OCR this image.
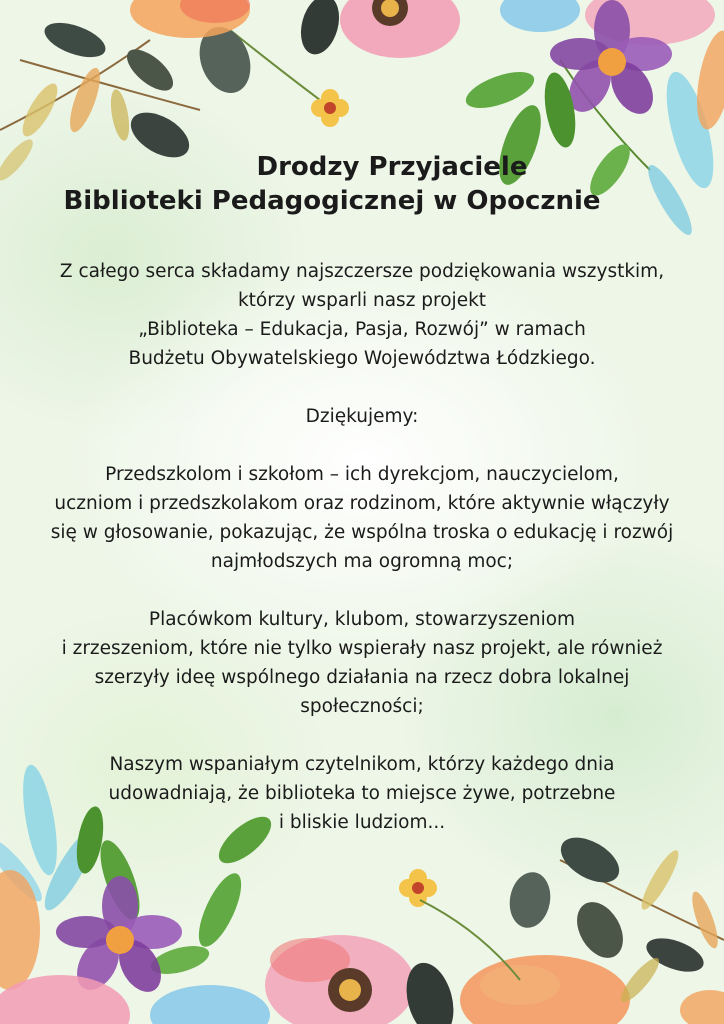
Drodzy Przyjaciele
Biblioteki Pedagogicznej w Opocznie

Z całego serca składamy najszczersze podziękowania wszystkim,
którzy wsparli nasz projekt
„Biblioteka – Edukacja, Pasja, Rozwój” w ramach
Budżetu Obywatelskiego Województwa Łódzkiego.

Dziękujemy:

Przedszkolom i szkołom – ich dyrekcjom, nauczycielom,
uczniom i przedszkolakom oraz rodzinom, które aktywnie włączyły
się w głosowanie, pokazując, że wspólna troska o edukację i rozwój
najmłodszych ma ogromną moc;

Placówkom kultury, klubom, stowarzyszeniom
i zrzeszeniom, które nie tylko wspierały nasz projekt, ale również
szerzyły ideę wspólnego działania na rzecz dobra lokalnej
społeczności;

Naszym wspaniałym czytelnikom, którzy każdego dnia
udowadniają, że biblioteka to miejsce żywe, potrzebne
i bliskie ludziom...
